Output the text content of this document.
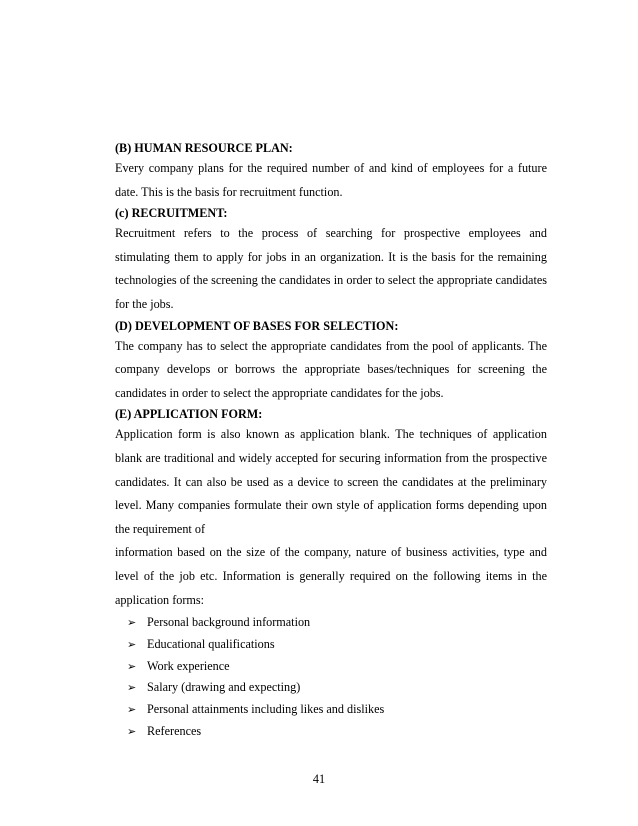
(B) HUMAN RESOURCE PLAN:
Every company plans for the required number of and kind of employees for a future date. This is the basis for recruitment function.
(c) RECRUITMENT:
Recruitment refers to the process of searching for prospective employees and stimulating them to apply for jobs in an organization. It is the basis for the remaining technologies of the screening the candidates in order to select the appropriate candidates for the jobs.
(D) DEVELOPMENT OF BASES FOR SELECTION:
The company has to select the appropriate candidates from the pool of applicants. The company develops or borrows the appropriate bases/techniques for screening the candidates in order to select the appropriate candidates for the jobs.
(E) APPLICATION FORM:
Application form is also known as application blank. The techniques of application blank are traditional and widely accepted for securing information from the prospective candidates. It can also be used as a device to screen the candidates at the preliminary level. Many companies formulate their own style of application forms depending upon the requirement of
information based on the size of the company, nature of business activities, type and level of the job etc. Information is generally required on the following items in the application forms:
➢ Personal background information
➢ Educational qualifications
➢ Work experience
➢ Salary (drawing and expecting)
➢ Personal attainments including likes and dislikes
➢ References
41
